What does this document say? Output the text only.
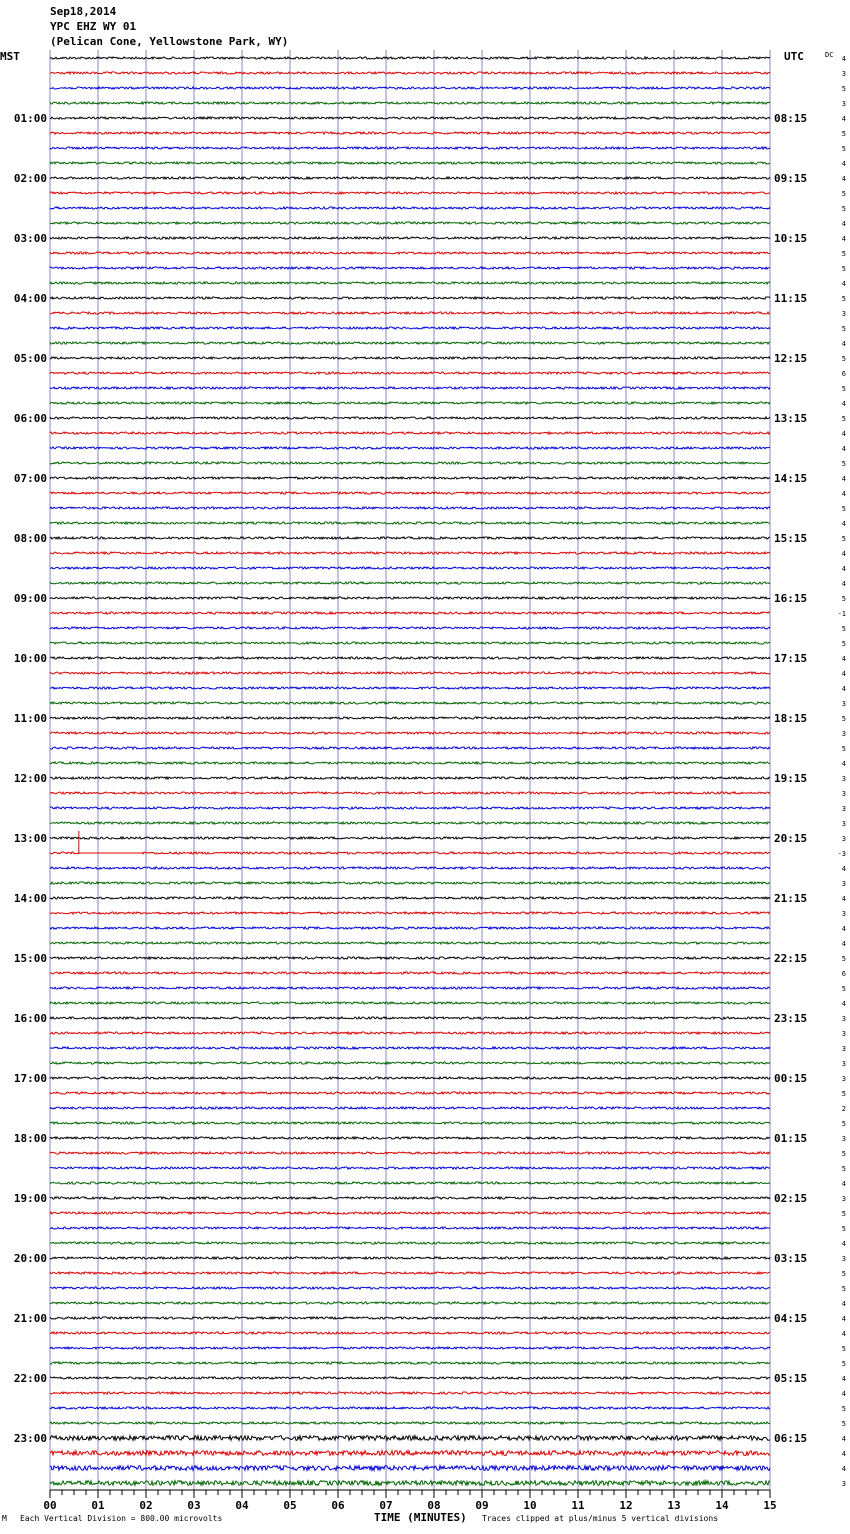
Sep18,2014
YPC EHZ WY 01
(Pelican Cone, Yellowstone Park, WY)
MST	UTC	DC
01:00
02:00
03:00
04:00
05:00
06:00
07:00
08:00
09:00
10:00
11:00
12:00
13:00
14:00
15:00
16:00
17:00
18:00
19:00
20:00
21:00
22:00
23:00
08:15
09:15
10:15
11:15
12:15
13:15
14:15
15:15
16:15
17:15
18:15
19:15
20:15
21:15
22:15
23:15
00:15
01:15
02:15
03:15
04:15
05:15
06:15
4
3
5
3
4
5
5
4
4
5
5
4
4
5
5
4
5
3
5
4
5
6
5
4
5
4
4
5
4
4
5
4
5
4
4
4
5
-1
5
5
4
4
4
3
5
3
5
4
3
3
3
3
3
-3
4
3
4
3
4
4
5
6
5
4
3
3
3
3
3
5
2
5
3
5
5
4
3
5
5
4
3
5
5
4
4
4
5
5
4
4
5
5
4
4
4
3
00	01	02	03	04	05	06	07	08	09	10	11	12	13	14	15
M Each Vertical Division = 800.00 microvolts	TIME (MINUTES) Traces clipped at plus/minus 5 vertical divisions
